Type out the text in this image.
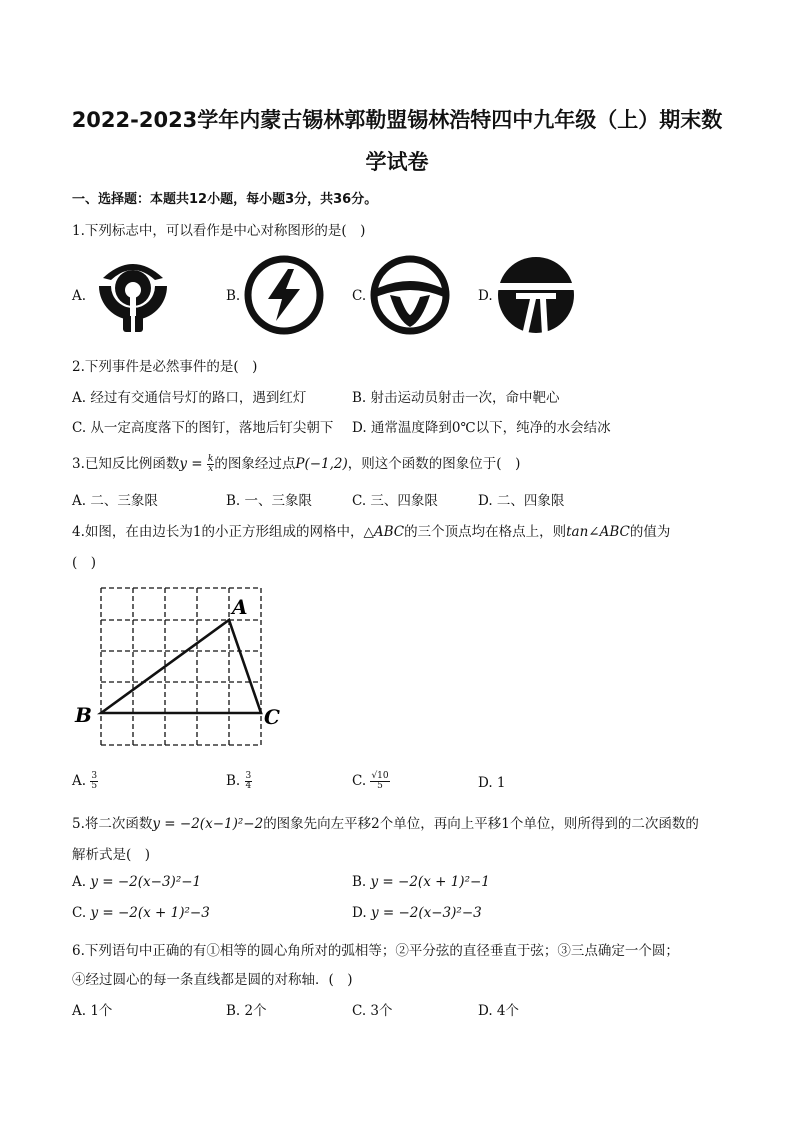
2022-2023学年内蒙古锡林郭勒盟锡林浩特四中九年级（上）期末数
学试卷
一、选择题：本题共12小题，每小题3分，共36分。
1.下列标志中，可以看作是中心对称图形的是(　)
A.	B.	C.	D.
2.下列事件是必然事件的是(　)
A. 经过有交通信号灯的路口，遇到红灯	B. 射击运动员射击一次，命中靶心
C. 从一定高度落下的图钉，落地后钉尖朝下 D. 通常温度降到0℃以下，纯净的水会结冰
3.已知反比例函数$y = \frac{k}{x}$ 的图象经过点P(−1,2)，则这个函数的图象位于(　)
A. 二、三象限	B. 一、三象限	C. 三、四象限	D. 二、四象限
4.如图，在由边长为1的小正方形组成的网格中，△ABC的三个顶点均在格点上，则tan∠ABC的值为
(　)
A
B	C
A. $\frac{3}{5}$	B. $\frac{3}{4}$	C. $\frac{√10}{5}$	D. 1
5.将二次函数y = −2(x−1)²−2的图象先向左平移2个单位，再向上平移1个单位，则所得到的二次函数的
解析式是(　)
A. y = −2(x−3)²−1	B. y = −2(x + 1)²−1
C. y = −2(x + 1)²−3	D. y = −2(x−3)²−3
6.下列语句中正确的有①相等的圆心角所对的弧相等；②平分弦的直径垂直于弦；③三点确定一个圆；
④经过圆心的每一条直线都是圆的对称轴．(　)
A. 1个	B. 2个	C. 3个	D. 4个
